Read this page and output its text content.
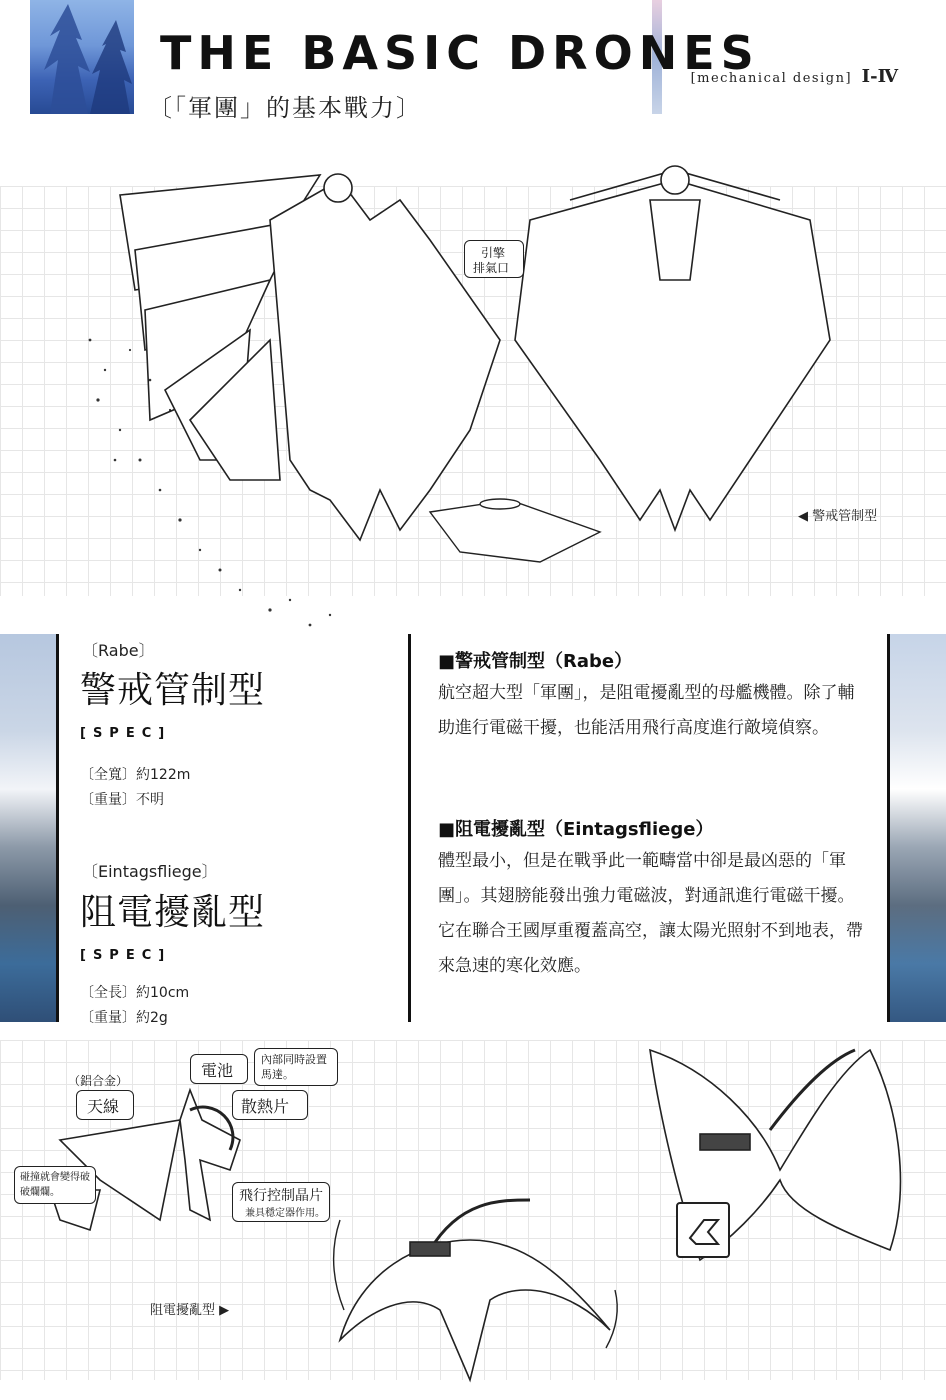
THE BASIC DRONES
〔「軍團」的基本戰力〕
[mechanical design] I-Ⅳ
引擎
排氣口
◀ 警戒管制型
〔Rabe〕
警戒管制型
[SPEC]
〔全寬〕約122m
〔重量〕不明
〔Eintagsfliege〕
阻電擾亂型
[SPEC]
〔全長〕約10cm
〔重量〕約2g
■警戒管制型（Rabe）
航空超大型「軍團」，是阻電擾亂型的母艦機體。除了輔助進行電磁干擾，也能活用飛行高度進行敵境偵察。
■阻電擾亂型（Eintagsfliege）
體型最小，但是在戰爭此一範疇當中卻是最凶惡的「軍團」。其翅膀能發出強力電磁波，對通訊進行電磁干擾。它在聯合王國厚重覆蓋高空，讓太陽光照射不到地表，帶來急速的寒化效應。
（鋁合金）
天線
電池
內部同時設置馬達。
散熱片
碰撞就會變得破破爛爛。	飛行控制晶片
兼具穩定器作用。
阻電擾亂型 ▶
